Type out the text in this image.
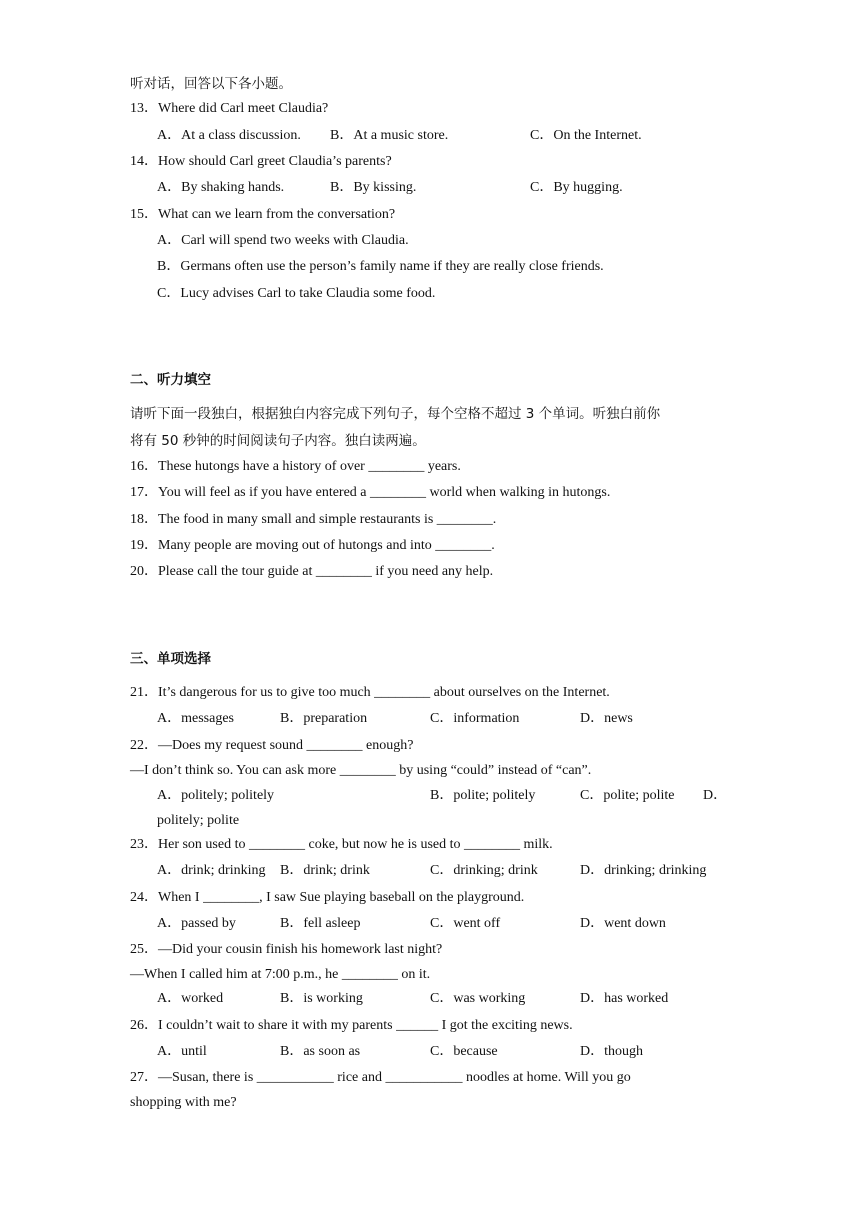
听对话，回答以下各小题。
13．Where did Carl meet Claudia?
A．At a class discussion. B．At a music store.	C．On the Internet.
14．How should Carl greet Claudia’s parents?
A．By shaking hands.	B．By kissing.	C．By hugging.
15．What can we learn from the conversation?
A．Carl will spend two weeks with Claudia.
B．Germans often use the person’s family name if they are really close friends.
C．Lucy advises Carl to take Claudia some food.
二、听力填空
请听下面一段独白，根据独白内容完成下列句子，每个空格不超过 3 个单词。听独白前你
将有 50 秒钟的时间阅读句子内容。独白读两遍。
16．These hutongs have a history of over ________ years.
17．You will feel as if you have entered a ________ world when walking in hutongs.
18．The food in many small and simple restaurants is ________.
19．Many people are moving out of hutongs and into ________.
20．Please call the tour guide at ________ if you need any help.
三、单项选择
21．It’s dangerous for us to give too much ________ about ourselves on the Internet.
A．messages	B．preparation	C．information	D．news
22．—Does my request sound ________ enough?
—I don’t think so. You can ask more ________ by using “could” instead of “can”.
A．politely; politely	B．polite; politely	C．polite; polite D．
politely; polite
23．Her son used to ________ coke, but now he is used to ________ milk.
A．drink; drinking B．drink; drink	C．drinking; drink	D．drinking; drinking
24．When I ________, I saw Sue playing baseball on the playground.
A．passed by	B．fell asleep	C．went off	D．went down
25．—Did your cousin finish his homework last night?
—When I called him at 7:00 p.m., he ________ on it.
A．worked	B．is working	C．was working	D．has worked
26．I couldn’t wait to share it with my parents ______ I got the exciting news.
A．until	B．as soon as	C．because	D．though
27．—Susan, there is ___________ rice and ___________ noodles at home. Will you go
shopping with me?
